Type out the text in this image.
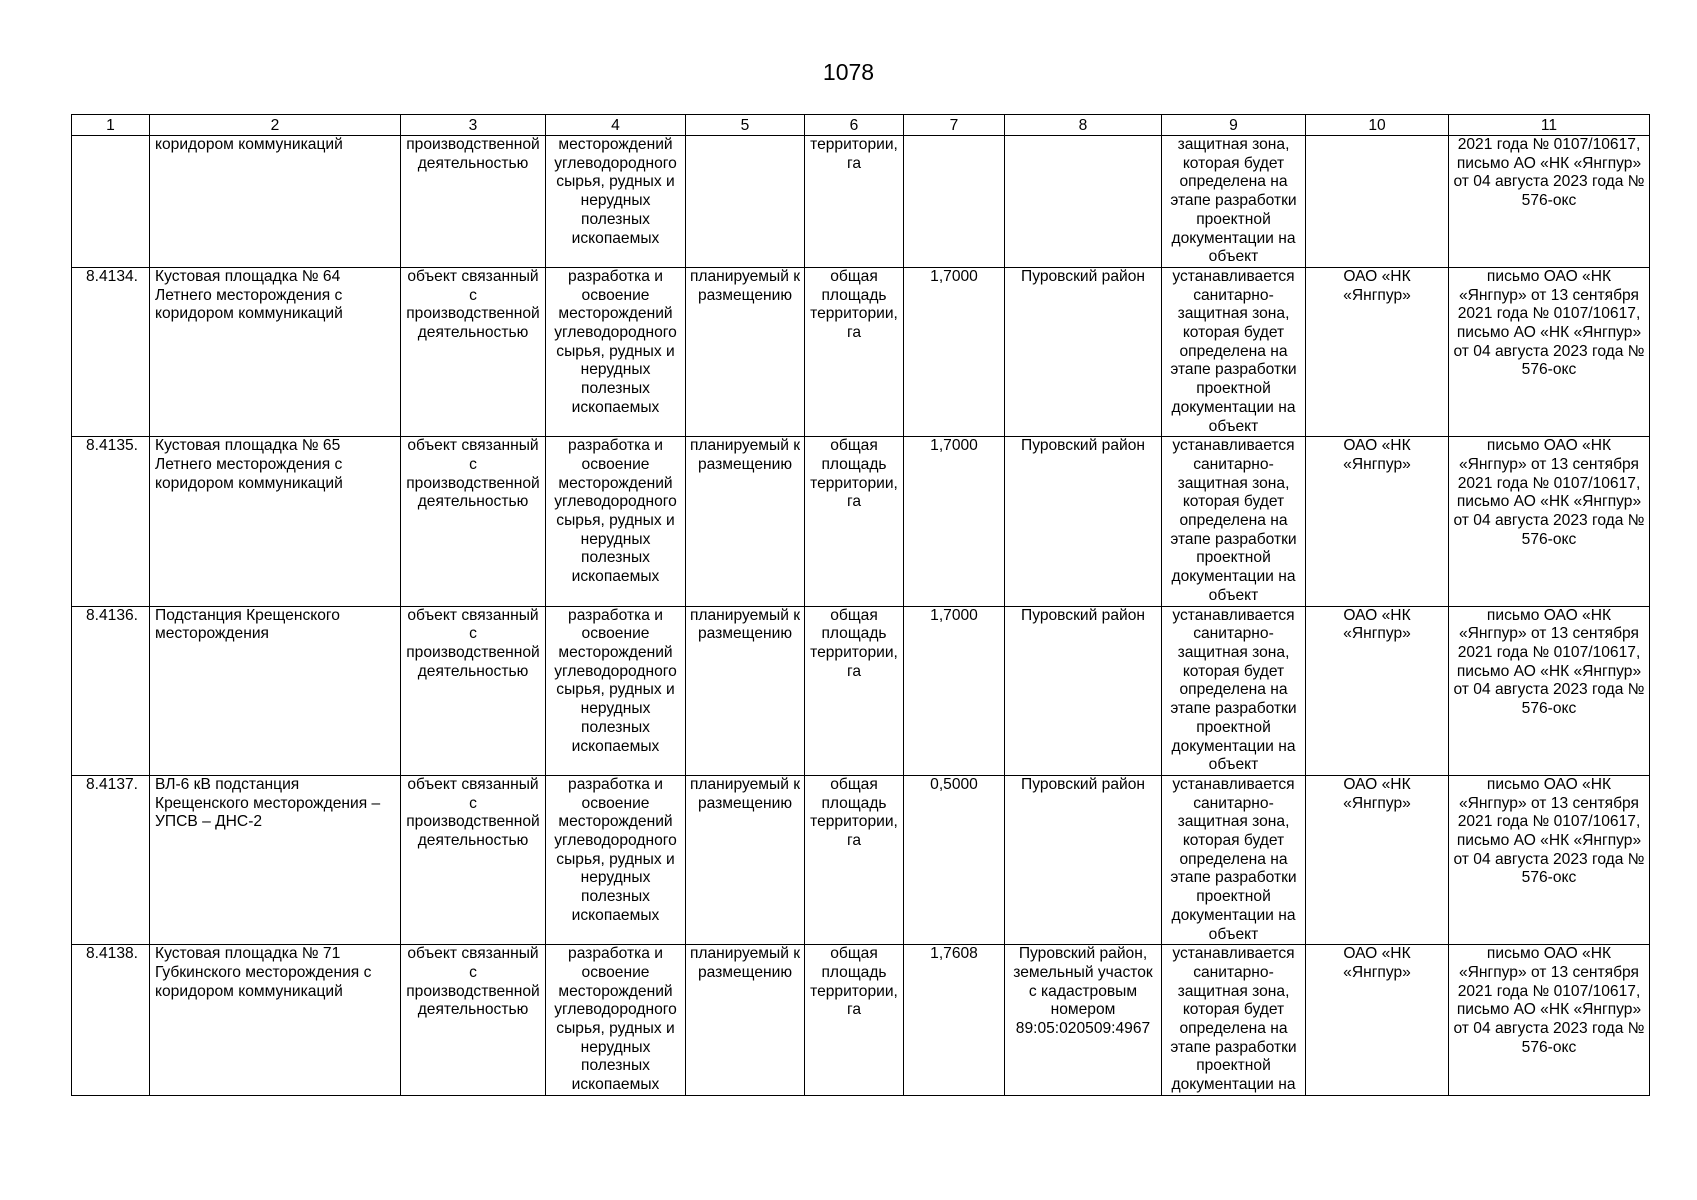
1078
1	2	3	4	5	6	7	8	9	10	11
	коридором коммуникаций	производственной деятельностью	месторождений углеводородного сырья, рудных и нерудных полезных ископаемых		территории, га			защитная зона, которая будет определена на этапе разработки проектной документации на объект		2021 года № 0107/10617, письмо АО «НК «Янгпур» от 04 августа 2023 года № 576-окс
8.4134.	Кустовая площадка № 64 Летнего месторождения с коридором коммуникаций	объект связанный с производственной деятельностью	разработка и освоение месторождений углеводородного сырья, рудных и нерудных полезных ископаемых	планируемый к размещению	общая площадь территории, га	1,7000	Пуровский район	устанавливается санитарно-защитная зона, которая будет определена на этапе разработки проектной документации на объект	ОАО «НК «Янгпур»	письмо ОАО «НК «Янгпур» от 13 сентября 2021 года № 0107/10617, письмо АО «НК «Янгпур» от 04 августа 2023 года № 576-окс
8.4135.	Кустовая площадка № 65 Летнего месторождения с коридором коммуникаций	объект связанный с производственной деятельностью	разработка и освоение месторождений углеводородного сырья, рудных и нерудных полезных ископаемых	планируемый к размещению	общая площадь территории, га	1,7000	Пуровский район	устанавливается санитарно-защитная зона, которая будет определена на этапе разработки проектной документации на объект	ОАО «НК «Янгпур»	письмо ОАО «НК «Янгпур» от 13 сентября 2021 года № 0107/10617, письмо АО «НК «Янгпур» от 04 августа 2023 года № 576-окс
8.4136.	Подстанция Крещенского месторождения	объект связанный с производственной деятельностью	разработка и освоение месторождений углеводородного сырья, рудных и нерудных полезных ископаемых	планируемый к размещению	общая площадь территории, га	1,7000	Пуровский район	устанавливается санитарно-защитная зона, которая будет определена на этапе разработки проектной документации на объект	ОАО «НК «Янгпур»	письмо ОАО «НК «Янгпур» от 13 сентября 2021 года № 0107/10617, письмо АО «НК «Янгпур» от 04 августа 2023 года № 576-окс
8.4137.	ВЛ-6 кВ подстанция Крещенского месторождения – УПСВ – ДНС-2	объект связанный с производственной деятельностью	разработка и освоение месторождений углеводородного сырья, рудных и нерудных полезных ископаемых	планируемый к размещению	общая площадь территории, га	0,5000	Пуровский район	устанавливается санитарно-защитная зона, которая будет определена на этапе разработки проектной документации на объект	ОАО «НК «Янгпур»	письмо ОАО «НК «Янгпур» от 13 сентября 2021 года № 0107/10617, письмо АО «НК «Янгпур» от 04 августа 2023 года № 576-окс
8.4138.	Кустовая площадка № 71 Губкинского месторождения с коридором коммуникаций	объект связанный с производственной деятельностью	разработка и освоение месторождений углеводородного сырья, рудных и нерудных полезных ископаемых	планируемый к размещению	общая площадь территории, га	1,7608	Пуровский район, земельный участок с кадастровым номером 89:05:020509:4967	устанавливается санитарно-защитная зона, которая будет определена на этапе разработки проектной документации на	ОАО «НК «Янгпур»	письмо ОАО «НК «Янгпур» от 13 сентября 2021 года № 0107/10617, письмо АО «НК «Янгпур» от 04 августа 2023 года № 576-окс
